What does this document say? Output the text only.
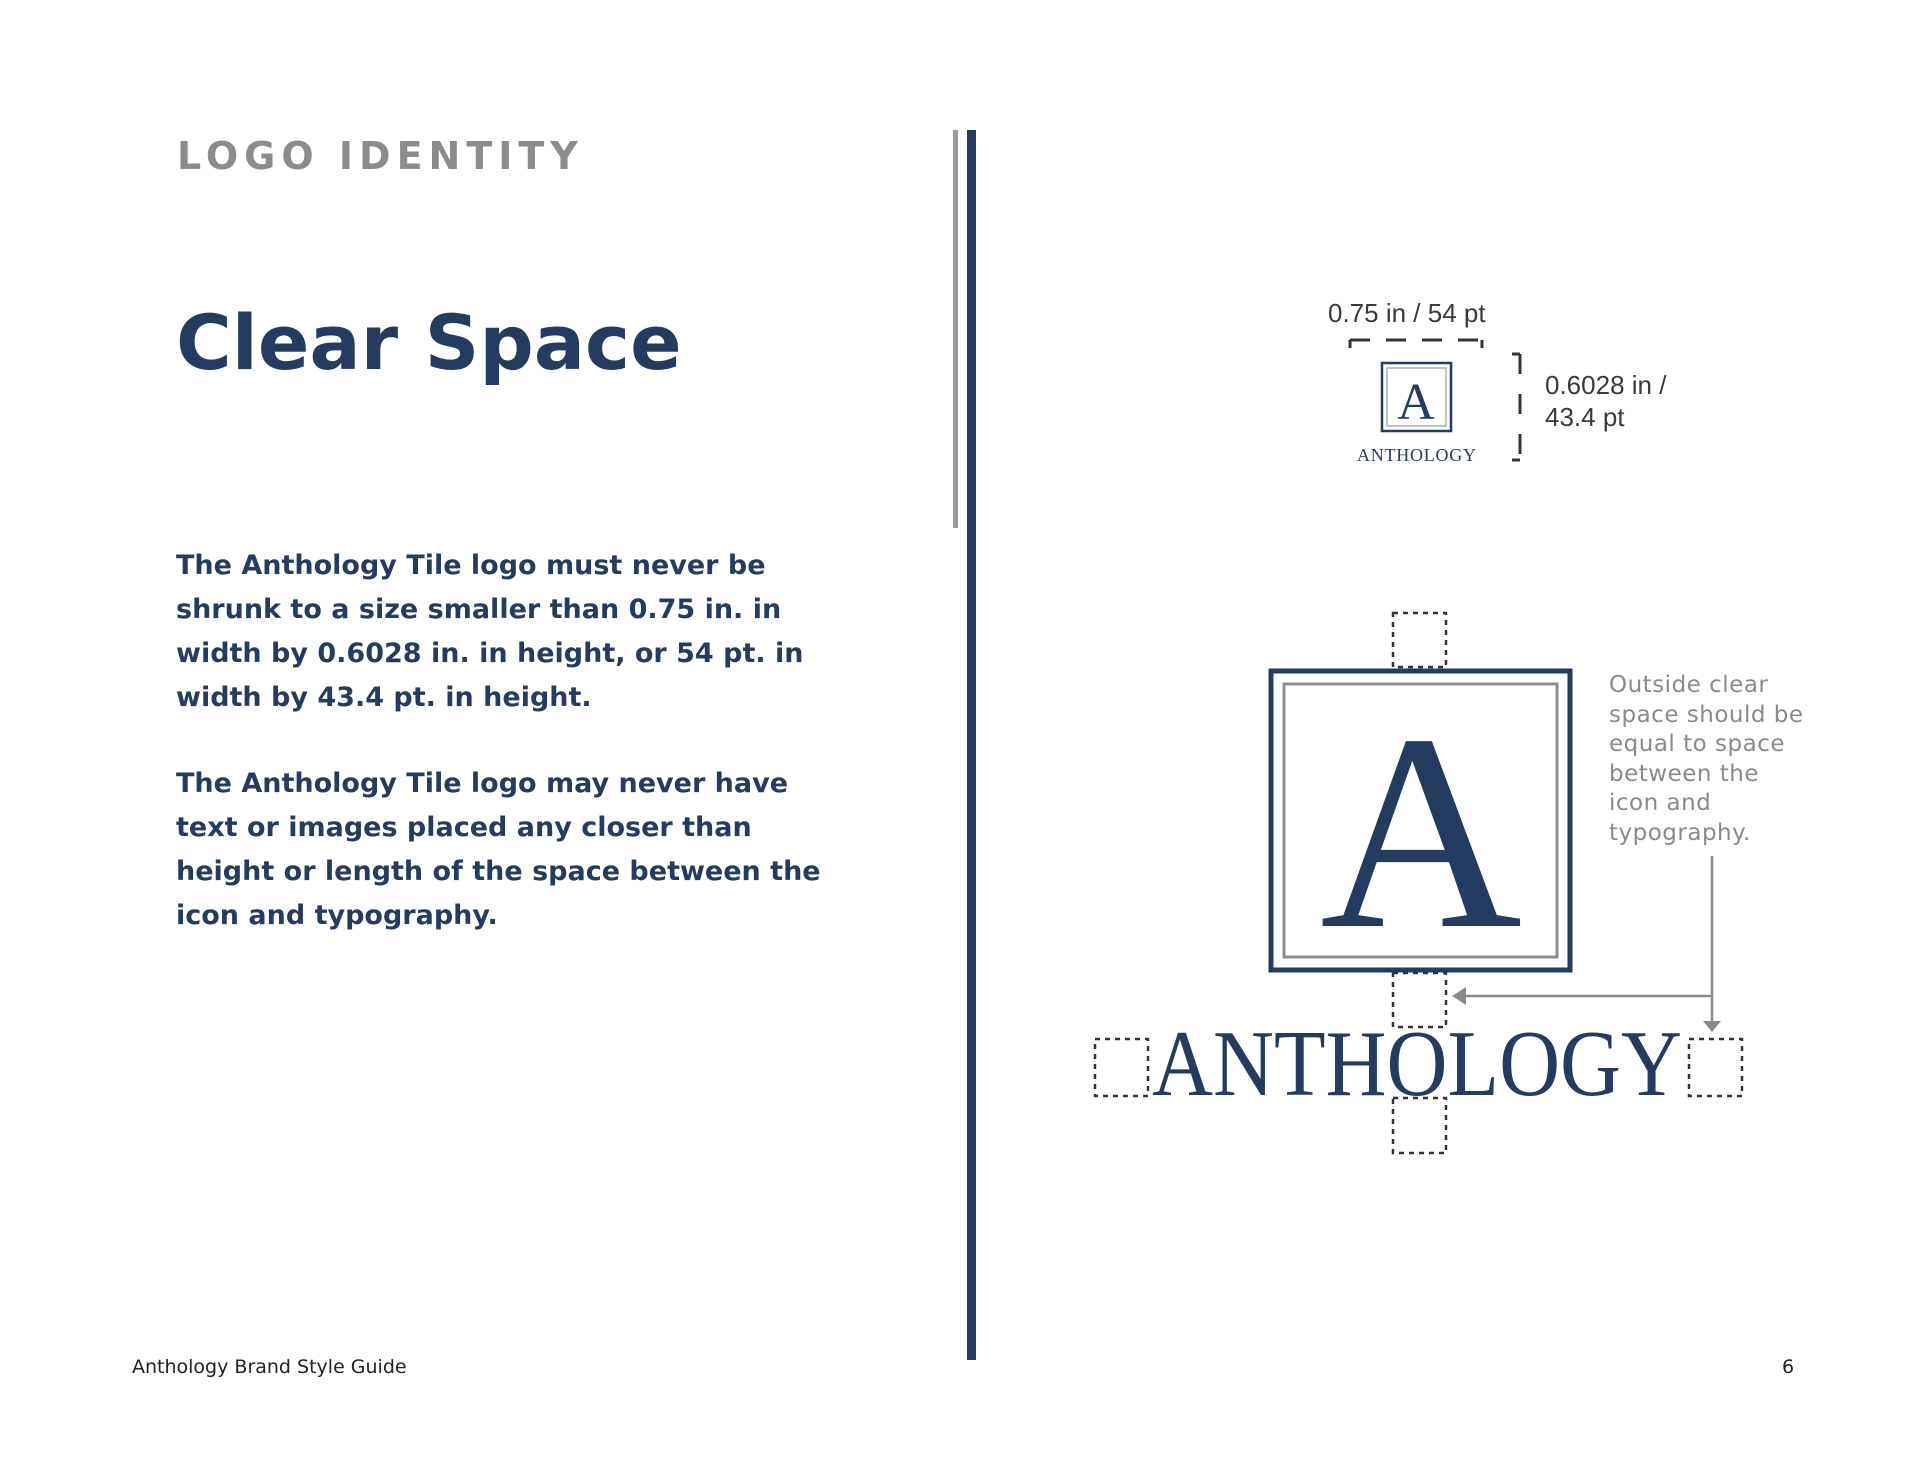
LOGO IDENTITY
Clear Space

The Anthology Tile logo must never be shrunk to a size smaller than 0.75 in. in width by 0.6028 in. in height, or 54 pt. in width by 43.4 pt. in height.

The Anthology Tile logo may never have text or images placed any closer than height or length of the space between the icon and typography.

0.75 in / 54 pt
0.6028 in /
43.4 pt
Outside clear space should be equal to space between the icon and typography.
A
ANTHOLOGY
A
ANTHOLOGY
Anthology Brand Style Guide	6
